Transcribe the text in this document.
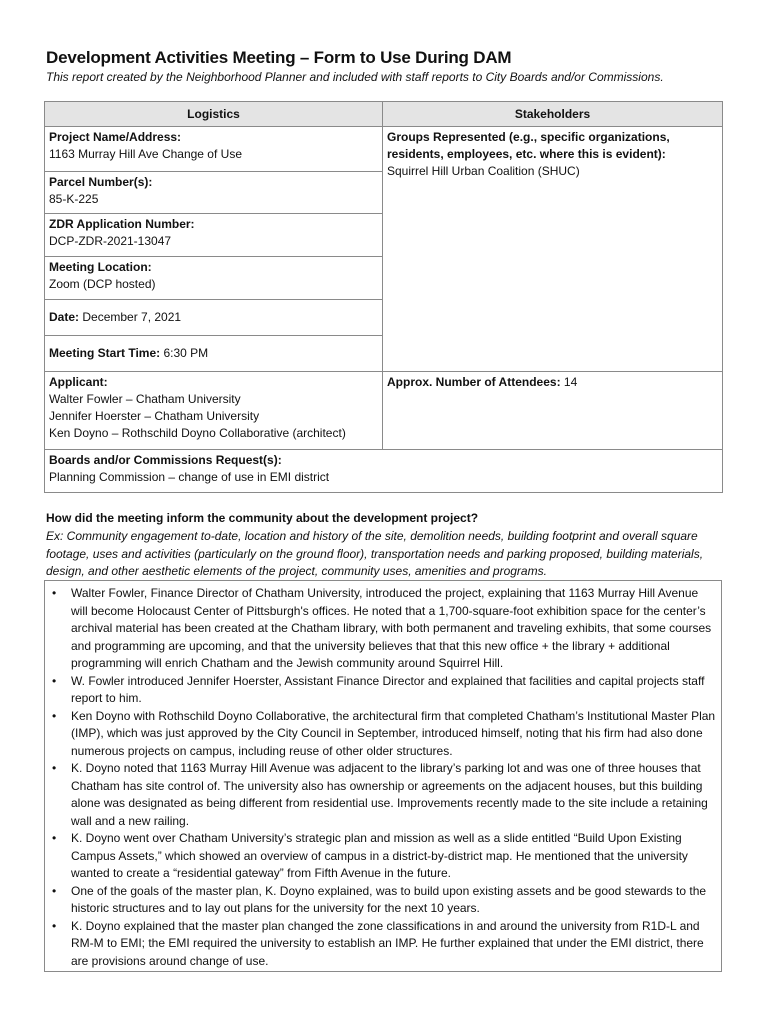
Development Activities Meeting – Form to Use During DAM
This report created by the Neighborhood Planner and included with staff reports to City Boards and/or Commissions.
Logistics	Stakeholders

Project Name/Address:
1163 Murray Hill Ave Change of Use	Groups Represented (e.g., specific organizations, residents, employees, etc. where this is evident):
Squirrel Hill Urban Coalition (SHUC)

Parcel Number(s):
85-K-225	

ZDR Application Number:
DCP-ZDR-2021-13047	

Meeting Location:
Zoom (DCP hosted)	

Date: December 7, 2021	
Meeting Start Time: 6:30 PM	

Applicant:
Walter Fowler – Chatham University
Jennifer Hoerster – Chatham University
Ken Doyno – Rothschild Doyno Collaborative (architect)	Approx. Number of Attendees: 14

Boards and/or Commissions Request(s):
Planning Commission – change of use in EMI district	
How did the meeting inform the community about the development project?
Ex: Community engagement to-date, location and history of the site, demolition needs, building footprint and overall square footage, uses and activities (particularly on the ground floor), transportation needs and parking proposed, building materials, design, and other aesthetic elements of the project, community uses, amenities and programs.
• Walter Fowler, Finance Director of Chatham University, introduced the project, explaining that 1163 Murray Hill Avenue will become Holocaust Center of Pittsburgh's offices. He noted that a 1,700-square-foot exhibition space for the center’s archival material has been created at the Chatham library, with both permanent and traveling exhibits, that some courses and programming are upcoming, and that the university believes that that this new office + the library + additional programming will enrich Chatham and the Jewish community around Squirrel Hill.
• W. Fowler introduced Jennifer Hoerster, Assistant Finance Director and explained that facilities and capital projects staff report to him.
• Ken Doyno with Rothschild Doyno Collaborative, the architectural firm that completed Chatham’s Institutional Master Plan (IMP), which was just approved by the City Council in September, introduced himself, noting that his firm had also done numerous projects on campus, including reuse of other older structures.
• K. Doyno noted that 1163 Murray Hill Avenue was adjacent to the library’s parking lot and was one of three houses that Chatham has site control of. The university also has ownership or agreements on the adjacent houses, but this building alone was designated as being different from residential use. Improvements recently made to the site include a retaining wall and a new railing.
• K. Doyno went over Chatham University’s strategic plan and mission as well as a slide entitled “Build Upon Existing Campus Assets,” which showed an overview of campus in a district-by-district map. He mentioned that the university wanted to create a “residential gateway” from Fifth Avenue in the future.
• One of the goals of the master plan, K. Doyno explained, was to build upon existing assets and be good stewards to the historic structures and to lay out plans for the university for the next 10 years.
• K. Doyno explained that the master plan changed the zone classifications in and around the university from R1D-L and RM-M to EMI; the EMI required the university to establish an IMP. He further explained that under the EMI district, there are provisions around change of use.
